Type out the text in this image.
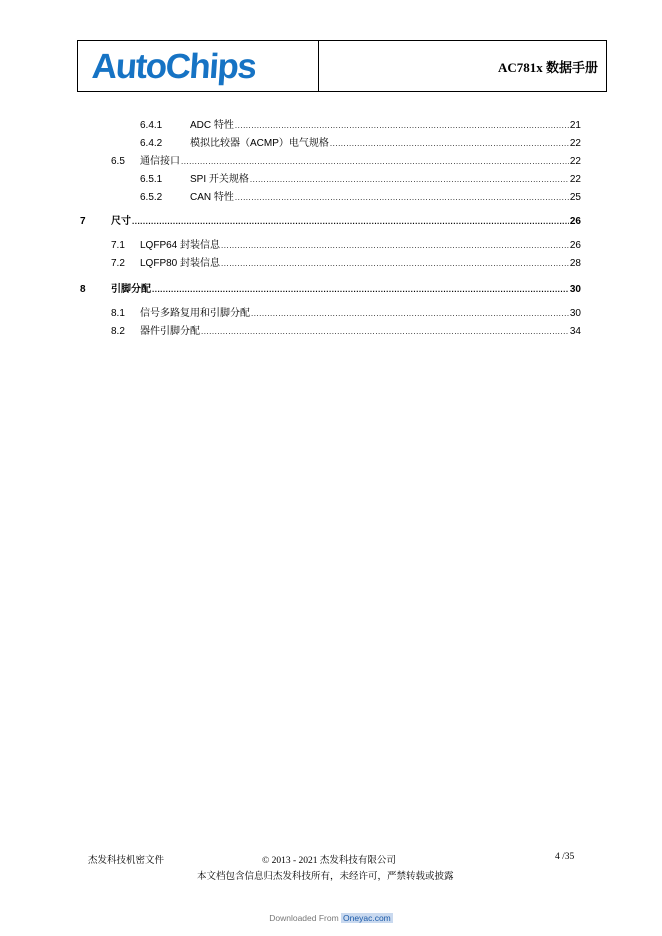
AutoChips	AC781x 数据手册
6.4.1	ADC 特性 .....	21
6.4.2	模拟比较器（ACMP）电气规格 .....	22
6.5	通信接口 .....	22
6.5.1	SPI 开关规格 .....	22
6.5.2	CAN 特性 .....	25
7	尺寸 .....	26
7.1	LQFP64 封装信息 .....	26
7.2	LQFP80 封装信息 .....	28
8	引脚分配 .....	30
8.1	信号多路复用和引脚分配 .....	30
8.2	器件引脚分配 .....	34
杰发科技机密文件	© 2013 - 2021 杰发科技有限公司	4 /35
本文档包含信息归杰发科技所有，未经许可，严禁转载或披露
Downloaded From Oneyac.com
